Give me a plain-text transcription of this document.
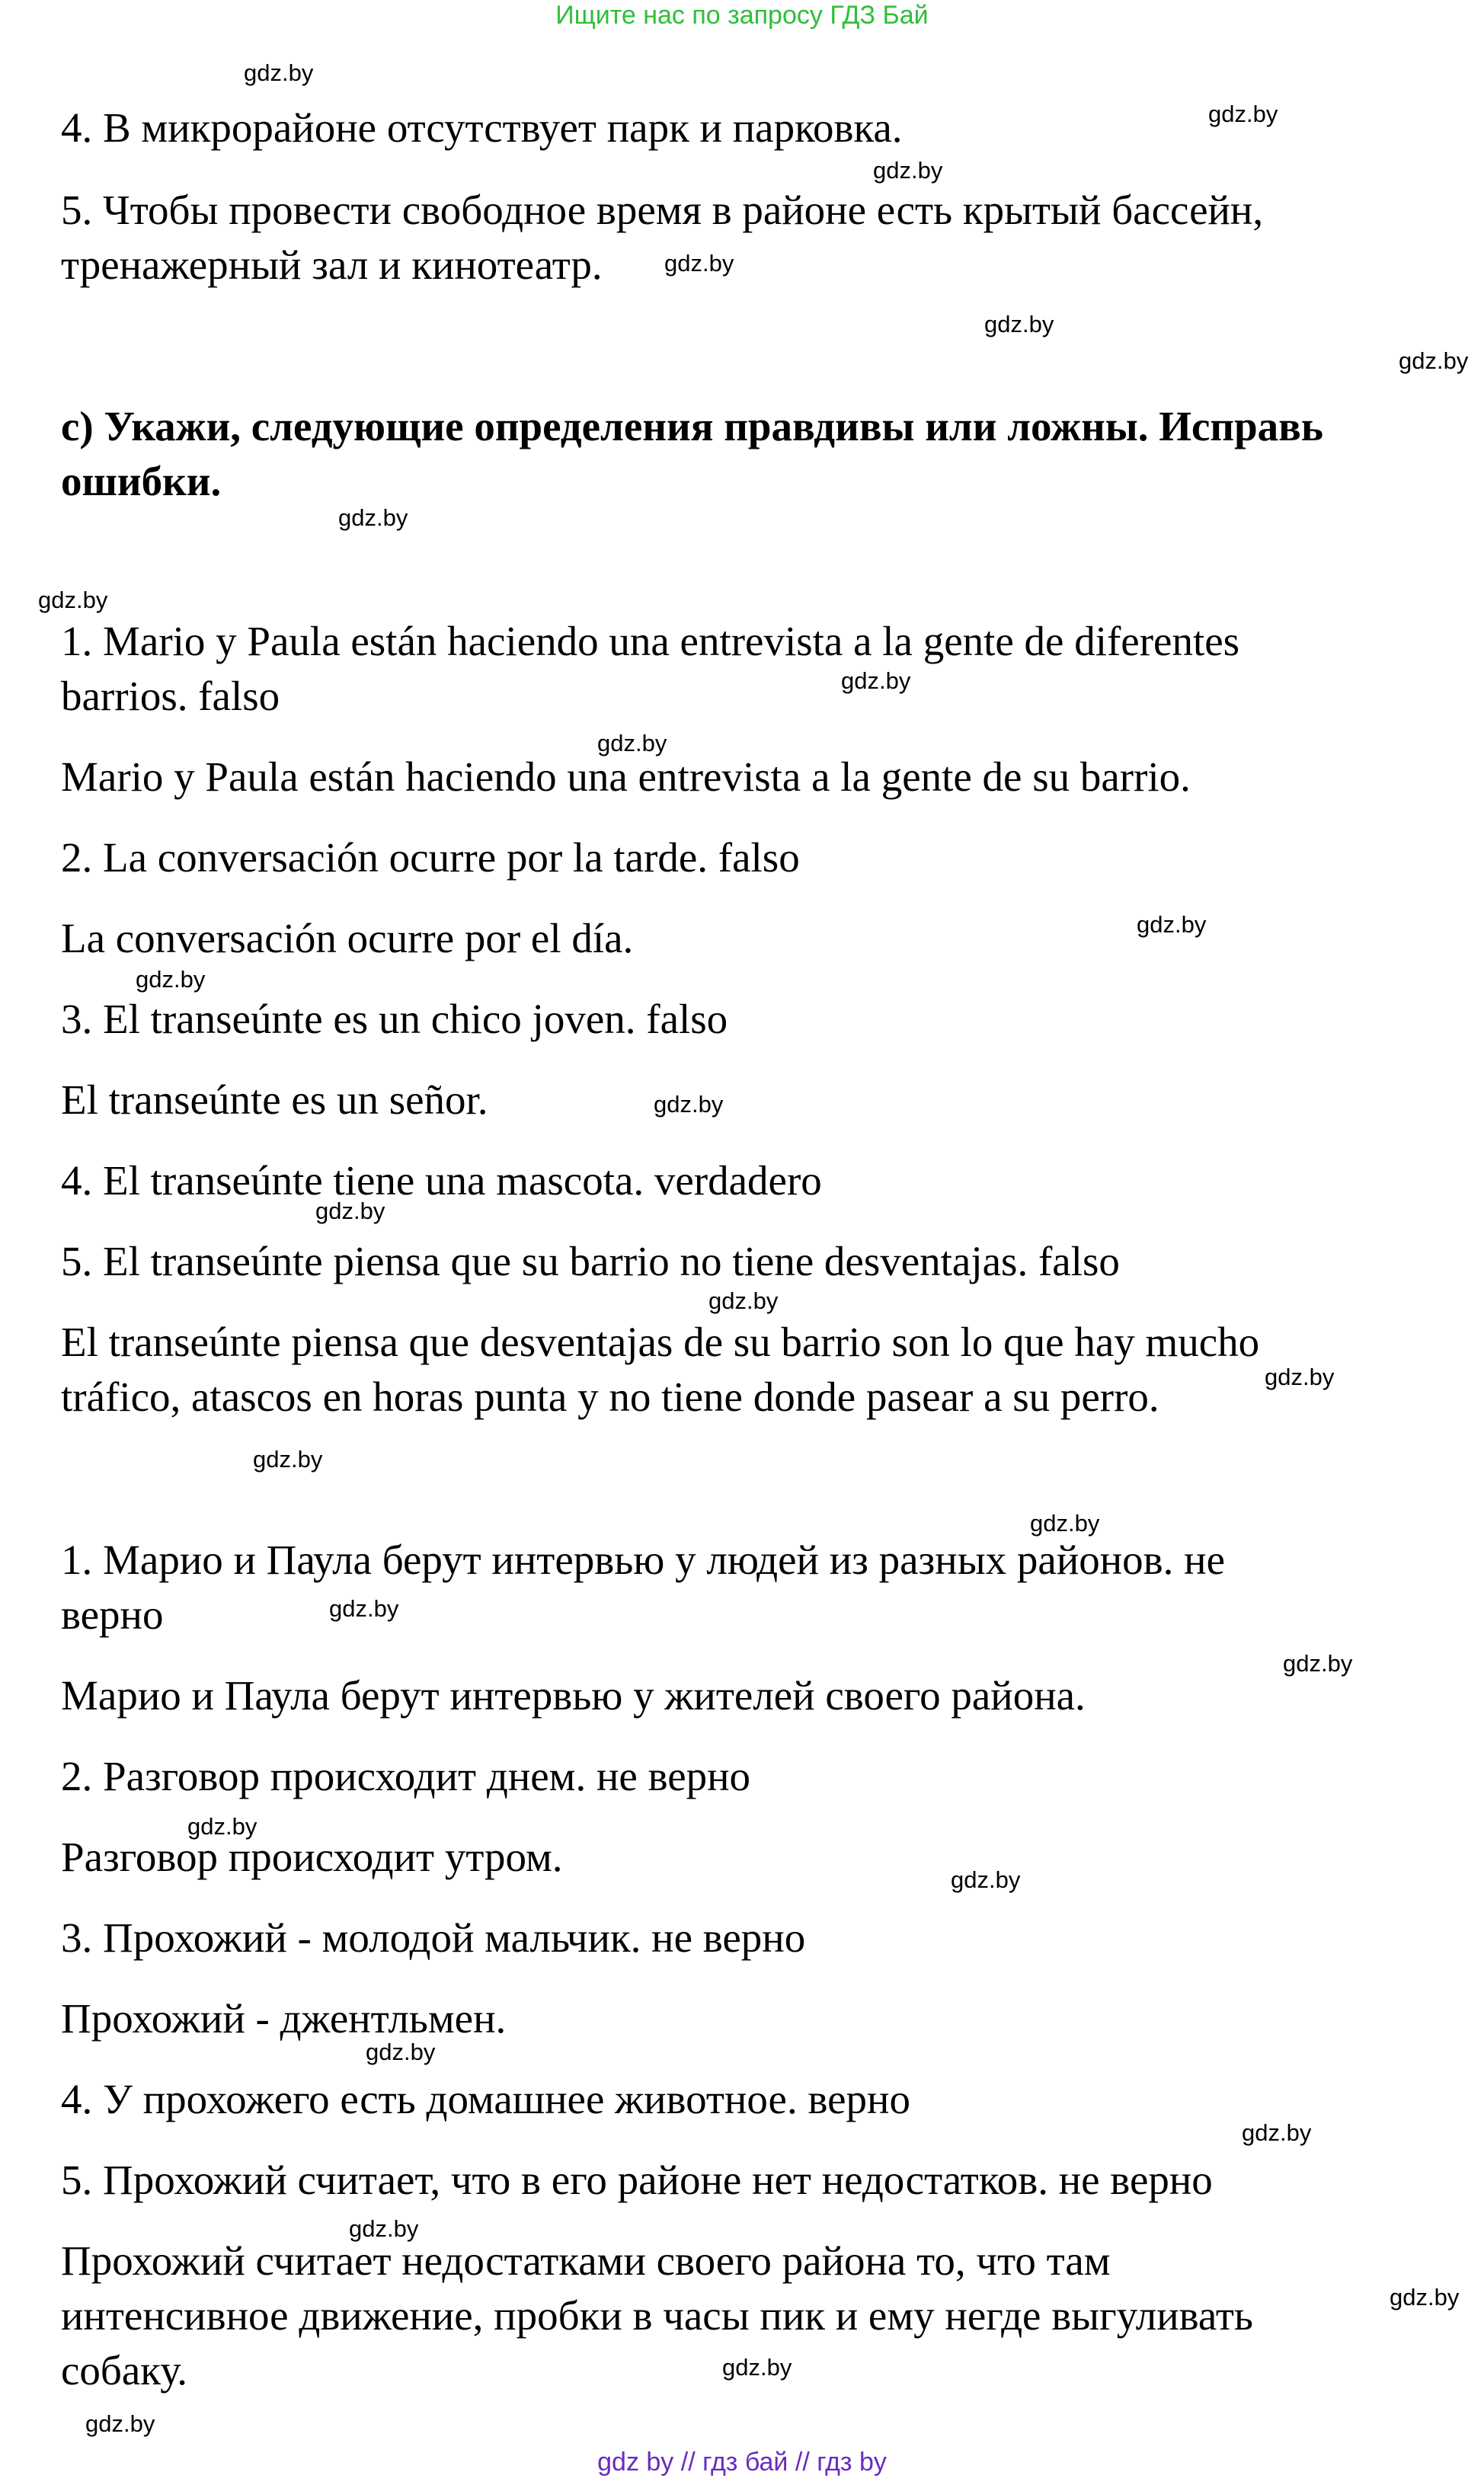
Ищите нас по запросу ГДЗ Бай
4. В микрорайоне отсутствует парк и парковка.
5. Чтобы провести свободное время в районе есть крытый бассейн,
тренажерный зал и кинотеатр.
c) Укажи, следующие определения правдивы или ложны. Исправь
ошибки.
1. Mario y Paula están haciendo una entrevista a la gente de diferentes
barrios. falso
Mario y Paula están haciendo una entrevista a la gente de su barrio.
2. La conversación ocurre por la tarde. falso
La conversación ocurre por el día.
3. El transeúnte es un chico joven. falso
El transeúnte es un señor.
4. El transeúnte tiene una mascota. verdadero
5. El transeúnte piensa que su barrio no tiene desventajas. falso
El transeúnte piensa que desventajas de su barrio son lo que hay mucho
tráfico, atascos en horas punta y no tiene donde pasear a su perro.
1. Марио и Паула берут интервью у людей из разных районов. не
верно
Марио и Паула берут интервью у жителей своего района.
2. Разговор происходит днем. не верно
Разговор происходит утром.
3. Прохожий - молодой мальчик. не верно
Прохожий - джентльмен.
4. У прохожего есть домашнее животное. верно
5. Прохожий считает, что в его районе нет недостатков. не верно
Прохожий считает недостатками своего района то, что там
интенсивное движение, пробки в часы пик и ему негде выгуливать
собаку.
gdz.by
gdz.by
gdz.by
gdz.by
gdz.by
gdz.by
gdz.by
gdz.by
gdz.by
gdz.by
gdz.by
gdz.by
gdz.by
gdz.by
gdz.by
gdz.by
gdz.by
gdz.by
gdz.by
gdz.by
gdz.by
gdz.by
gdz.by
gdz.by
gdz.by
gdz.by
gdz.by
gdz.by
gdz by // гдз бай // гдз by
